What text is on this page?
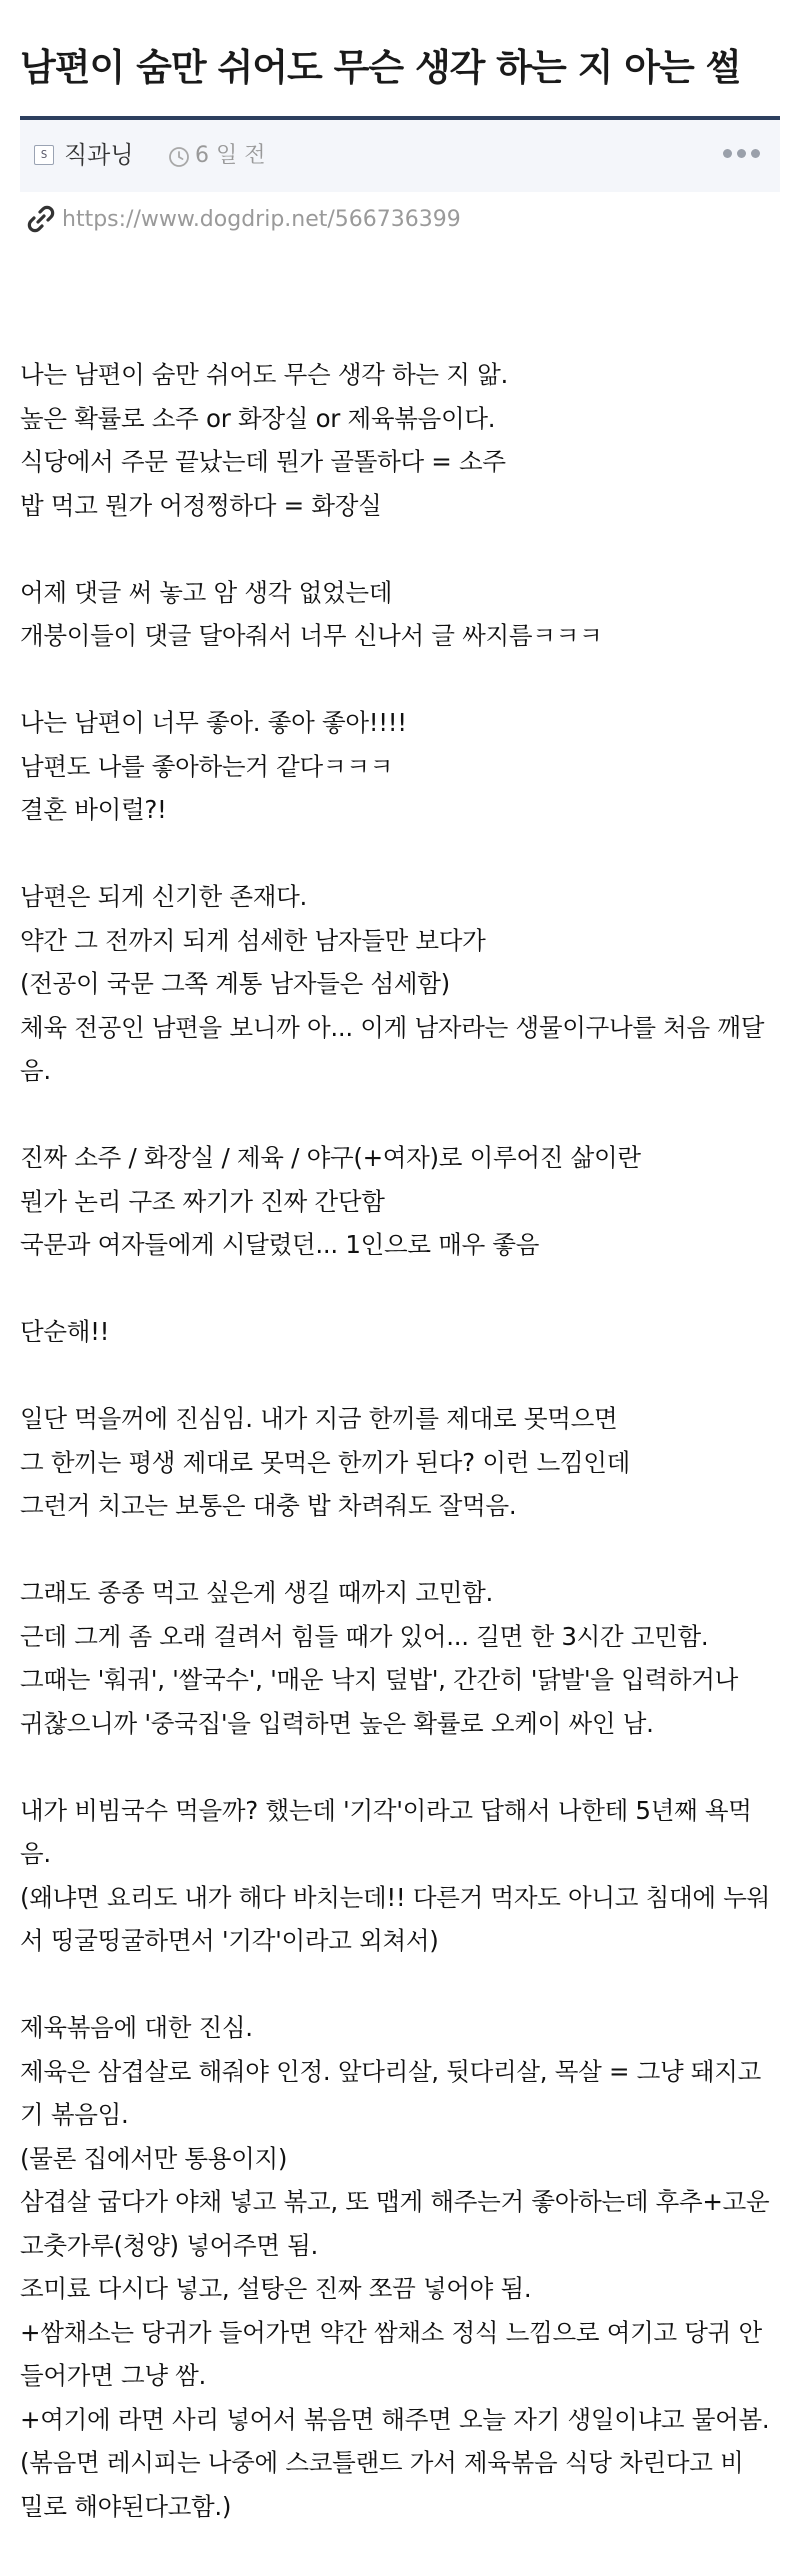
남편이 숨만 쉬어도 무슨 생각 하는 지 아는 썰
S 직과닝	6 일 전
https://www.dogdrip.net/566736399

나는 남편이 숨만 쉬어도 무슨 생각 하는 지 앎.

높은 확률로 소주 or 화장실 or 제육볶음이다.

식당에서 주문 끝났는데 뭔가 골똘하다 = 소주

밥 먹고 뭔가 어정쩡하다 = 화장실

어제 댓글 써 놓고 암 생각 없었는데

개붕이들이 댓글 달아줘서 너무 신나서 글 싸지름ㅋㅋㅋ

나는 남편이 너무 좋아. 좋아 좋아!!!!

남편도 나를 좋아하는거 같다ㅋㅋㅋ

결혼 바이럴?!

남편은 되게 신기한 존재다.

약간 그 전까지 되게 섬세한 남자들만 보다가

(전공이 국문 그쪽 계통 남자들은 섬세함)

체육 전공인 남편을 보니까 아... 이게 남자라는 생물이구나를 처음 깨달

음.

진짜 소주 / 화장실 / 제육 / 야구(+여자)로 이루어진 삶이란

뭔가 논리 구조 짜기가 진짜 간단함

국문과 여자들에게 시달렸던... 1인으로 매우 좋음

단순해!!

일단 먹을꺼에 진심임. 내가 지금 한끼를 제대로 못먹으면

그 한끼는 평생 제대로 못먹은 한끼가 된다? 이런 느낌인데

그런거 치고는 보통은 대충 밥 차려줘도 잘먹음.

그래도 종종 먹고 싶은게 생길 때까지 고민함.

근데 그게 좀 오래 걸려서 힘들 때가 있어... 길면 한 3시간 고민함.

그때는 '훠궈', '쌀국수', '매운 낙지 덮밥', 간간히 '닭발'을 입력하거나

귀찮으니까 '중국집'을 입력하면 높은 확률로 오케이 싸인 남.

내가 비빔국수 먹을까? 했는데 '기각'이라고 답해서 나한테 5년째 욕먹

음.

(왜냐면 요리도 내가 해다 바치는데!! 다른거 먹자도 아니고 침대에 누워

서 띵굴띵굴하면서 '기각'이라고 외쳐서)

제육볶음에 대한 진심.

제육은 삼겹살로 해줘야 인정. 앞다리살, 뒷다리살, 목살 = 그냥 돼지고

기 볶음임.

(물론 집에서만 통용이지)

삼겹살 굽다가 야채 넣고 볶고, 또 맵게 해주는거 좋아하는데 후추+고운

고춧가루(청양) 넣어주면 됨.

조미료 다시다 넣고, 설탕은 진짜 쪼끔 넣어야 됨.

+쌈채소는 당귀가 들어가면 약간 쌈채소 정식 느낌으로 여기고 당귀 안

들어가면 그냥 쌈.

+여기에 라면 사리 넣어서 볶음면 해주면 오늘 자기 생일이냐고 물어봄.

(볶음면 레시피는 나중에 스코틀랜드 가서 제육볶음 식당 차린다고 비

밀로 해야된다고함.)
